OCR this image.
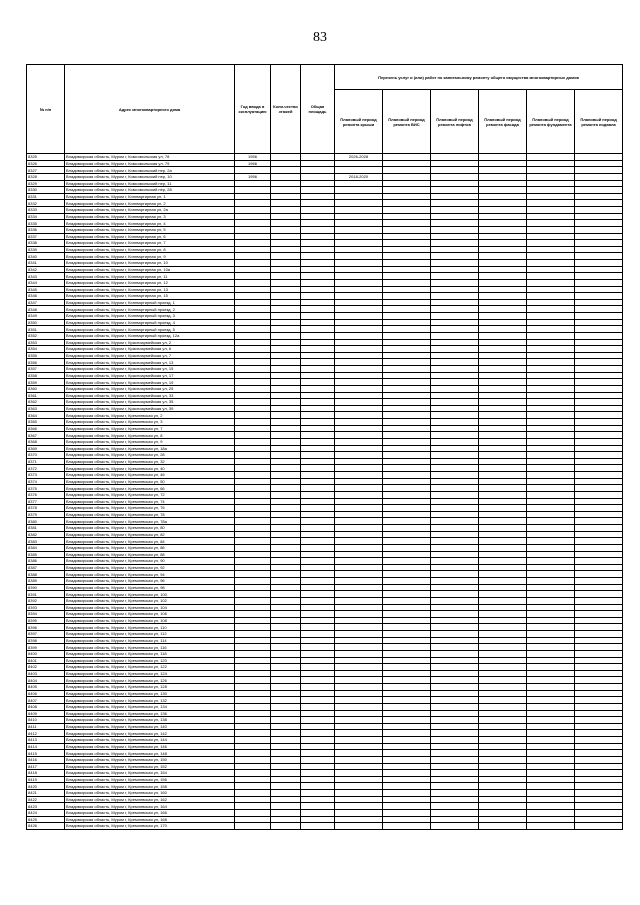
83
№ п/п	Адрес многоквартирного дома	Год ввода в эксплуатацию	Коли-чество этажей	Общая площадь	Перечень услуг и (или) работ по капитальному ремонту общего имущества многоквартирных домов					
					Плановый период ремонта крыши	Плановый период ремонта ВИС	Плановый период ремонта лифтов	Плановый период ремонта фасада	Плановый период ремонта фундамента	Плановый период ремонта подвала
8325	Владимирская область, Муром г, Комсомольская ул, 78	1956			2026-2028					
8326	Владимирская область, Муром г, Комсомольская ул, 79	1966								
8327	Владимирская область, Муром г, Комсомольский пер, 2а									
8328	Владимирская область, Муром г, Комсомольский пер, 10	1956			2018-2020					
8329	Владимирская область, Муром г, Комсомольский пер, 11									
8330	Владимирская область, Муром г, Комсомольский пер, 28									
8331	Владимирская область, Муром г, Конгвартирная ул, 1									
8332	Владимирская область, Муром г, Конгвартирная ул, 2									
8333	Владимирская область, Муром г, Конгвартирная ул, 2а									
8334	Владимирская область, Муром г, Конгвартирная ул, 3									
8335	Владимирская область, Муром г, Конгвартирная ул, 4									
8336	Владимирская область, Муром г, Конгвартирная ул, 5									
8337	Владимирская область, Муром г, Конгвартирная ул, 6									
8338	Владимирская область, Муром г, Конгвартирная ул, 7									
8339	Владимирская область, Муром г, Конгвартирная ул, 8									
8340	Владимирская область, Муром г, Конгвартирная ул, 9									
8341	Владимирская область, Муром г, Конгвартирная ул, 10									
8342	Владимирская область, Муром г, Конгвартирная ул, 10а									
8343	Владимирская область, Муром г, Конгвартирная ул, 11									
8344	Владимирская область, Муром г, Конгвартирная ул, 12									
8345	Владимирская область, Муром г, Конгвартирная ул, 13									
8346	Владимирская область, Муром г, Конгвартирная ул, 15									
8347	Владимирская область, Муром г, Конгвартирный проезд, 1									
8348	Владимирская область, Муром г, Конгвартирный проезд, 2									
8349	Владимирская область, Муром г, Конгвартирный проезд, 3									
8350	Владимирская область, Муром г, Конгвартирный проезд, 4									
8351	Владимирская область, Муром г, Конгвартирный проезд, 5									
8352	Владимирская область, Муром г, Конгвартирный проезд, 12а									
8353	Владимирская область, Муром г, Красноармейская ул, 2									
8354	Владимирская область, Муром г, Красноармейская ул, 6									
8355	Владимирская область, Муром г, Красноармейская ул, 7									
8356	Владимирская область, Муром г, Красноармейская ул, 13									
8357	Владимирская область, Муром г, Красноармейская ул, 15									
8358	Владимирская область, Муром г, Красноармейская ул, 17									
8359	Владимирская область, Муром г, Красноармейская ул, 19									
8360	Владимирская область, Муром г, Красноармейская ул, 25									
8361	Владимирская область, Муром г, Красноармейская ул, 33									
8362	Владимирская область, Муром г, Красноармейская ул, 35									
8363	Владимирская область, Муром г, Красноармейская ул, 39									
8364	Владимирская область, Муром г, Кремлевская ул, 2									
8365	Владимирская область, Муром г, Кремлевская ул, 3									
8366	Владимирская область, Муром г, Кремлевская ул, 7									
8367	Владимирская область, Муром г, Кремлевская ул, 8									
8368	Владимирская область, Муром г, Кремлевская ул, 9									
8369	Владимирская область, Муром г, Кремлевская ул, 18а									
8370	Владимирская область, Муром г, Кремлевская ул, 28									
8371	Владимирская область, Муром г, Кремлевская ул, 32									
8372	Владимирская область, Муром г, Кремлевская ул, 40									
8373	Владимирская область, Муром г, Кремлевская ул, 46									
8374	Владимирская область, Муром г, Кремлевская ул, 50									
8375	Владимирская область, Муром г, Кремлевская ул, 66									
8376	Владимирская область, Муром г, Кремлевская ул, 72									
8377	Владимирская область, Муром г, Кремлевская ул, 74									
8378	Владимирская область, Муром г, Кремлевская ул, 76									
8379	Владимирская область, Муром г, Кремлевская ул, 78									
8380	Владимирская область, Муром г, Кремлевская ул, 78а									
8381	Владимирская область, Муром г, Кремлевская ул, 80									
8382	Владимирская область, Муром г, Кремлевская ул, 82									
8383	Владимирская область, Муром г, Кремлевская ул, 84									
8384	Владимирская область, Муром г, Кремлевская ул, 86									
8385	Владимирская область, Муром г, Кремлевская ул, 88									
8386	Владимирская область, Муром г, Кремлевская ул, 90									
8387	Владимирская область, Муром г, Кремлевская ул, 92									
8388	Владимирская область, Муром г, Кремлевская ул, 94									
8389	Владимирская область, Муром г, Кремлевская ул, 96									
8390	Владимирская область, Муром г, Кремлевская ул, 98									
8391	Владимирская область, Муром г, Кремлевская ул, 100									
8392	Владимирская область, Муром г, Кремлевская ул, 102									
8393	Владимирская область, Муром г, Кремлевская ул, 104									
8394	Владимирская область, Муром г, Кремлевская ул, 106									
8395	Владимирская область, Муром г, Кремлевская ул, 108									
8396	Владимирская область, Муром г, Кремлевская ул, 110									
8397	Владимирская область, Муром г, Кремлевская ул, 112									
8398	Владимирская область, Муром г, Кремлевская ул, 114									
8399	Владимирская область, Муром г, Кремлевская ул, 116									
8400	Владимирская область, Муром г, Кремлевская ул, 118									
8401	Владимирская область, Муром г, Кремлевская ул, 120									
8402	Владимирская область, Муром г, Кремлевская ул, 122									
8403	Владимирская область, Муром г, Кремлевская ул, 124									
8404	Владимирская область, Муром г, Кремлевская ул, 126									
8405	Владимирская область, Муром г, Кремлевская ул, 128									
8406	Владимирская область, Муром г, Кремлевская ул, 130									
8407	Владимирская область, Муром г, Кремлевская ул, 132									
8408	Владимирская область, Муром г, Кремлевская ул, 134									
8409	Владимирская область, Муром г, Кремлевская ул, 136									
8410	Владимирская область, Муром г, Кремлевская ул, 138									
8411	Владимирская область, Муром г, Кремлевская ул, 140									
8412	Владимирская область, Муром г, Кремлевская ул, 142									
8413	Владимирская область, Муром г, Кремлевская ул, 144									
8414	Владимирская область, Муром г, Кремлевская ул, 146									
8415	Владимирская область, Муром г, Кремлевская ул, 148									
8416	Владимирская область, Муром г, Кремлевская ул, 150									
8417	Владимирская область, Муром г, Кремлевская ул, 152									
8418	Владимирская область, Муром г, Кремлевская ул, 154									
8419	Владимирская область, Муром г, Кремлевская ул, 156									
8420	Владимирская область, Муром г, Кремлевская ул, 158									
8421	Владимирская область, Муром г, Кремлевская ул, 160									
8422	Владимирская область, Муром г, Кремлевская ул, 162									
8423	Владимирская область, Муром г, Кремлевская ул, 164									
8424	Владимирская область, Муром г, Кремлевская ул, 166									
8425	Владимирская область, Муром г, Кремлевская ул, 168									
8426	Владимирская область, Муром г, Кремлевская ул, 170									
